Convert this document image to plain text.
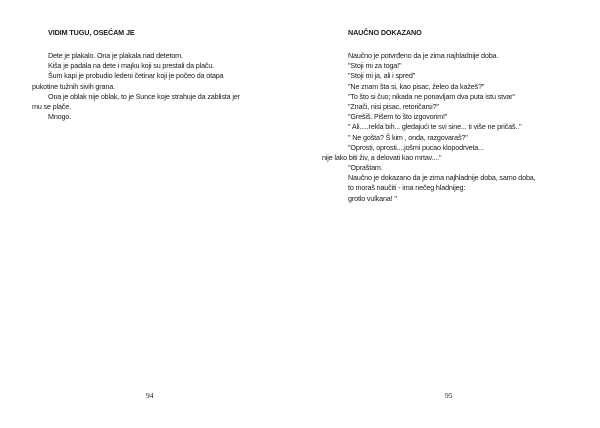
VIDIM TUGU, OSEĆAM JE
Dete je plakalo. Ona je plakala nad detetom.
Kiša je padala na dete i majku koji su prestali da plaču.
Šum kapi je probudio ledeni četinar koji je počeo da otapa
pukotine tužnih sivih grana.
Ona je oblak nije oblak, to je Sunce koje strahuje da zablista jer
mu se plače.
Mnogo.
94
NAUČNO DOKAZANO
Naučno je potvrđeno da je zima najhladnije doba.
"Stoji mi za toga!"
"Stoji mi ja, ali i spred"
"Ne znam šta si, kao pisac, želeo da kažeš?"
"To što si čuo; nikada ne ponavljam dva puta istu stvar"
"Znači, nisi pisac, retoričarsi?"
"Grešiš. Pišem to što izgovorim!"
" Ali.....rekla bih... gledajući te svi sine... ti više ne pričaš.."
" Ne gošta? Š kim , onda, razgovaraš?"
"Oprosti, oprosti....jošmi pucao klopodrveta...
nije lako biti živ, a delovati kao mrtav...."
"Opraštam.
Naučno je dokazano da je zima najhladnije doba, samo doba,
to moraš naučiti - ima nečeg hladnijeg:
grotlo vulkana! "
95
